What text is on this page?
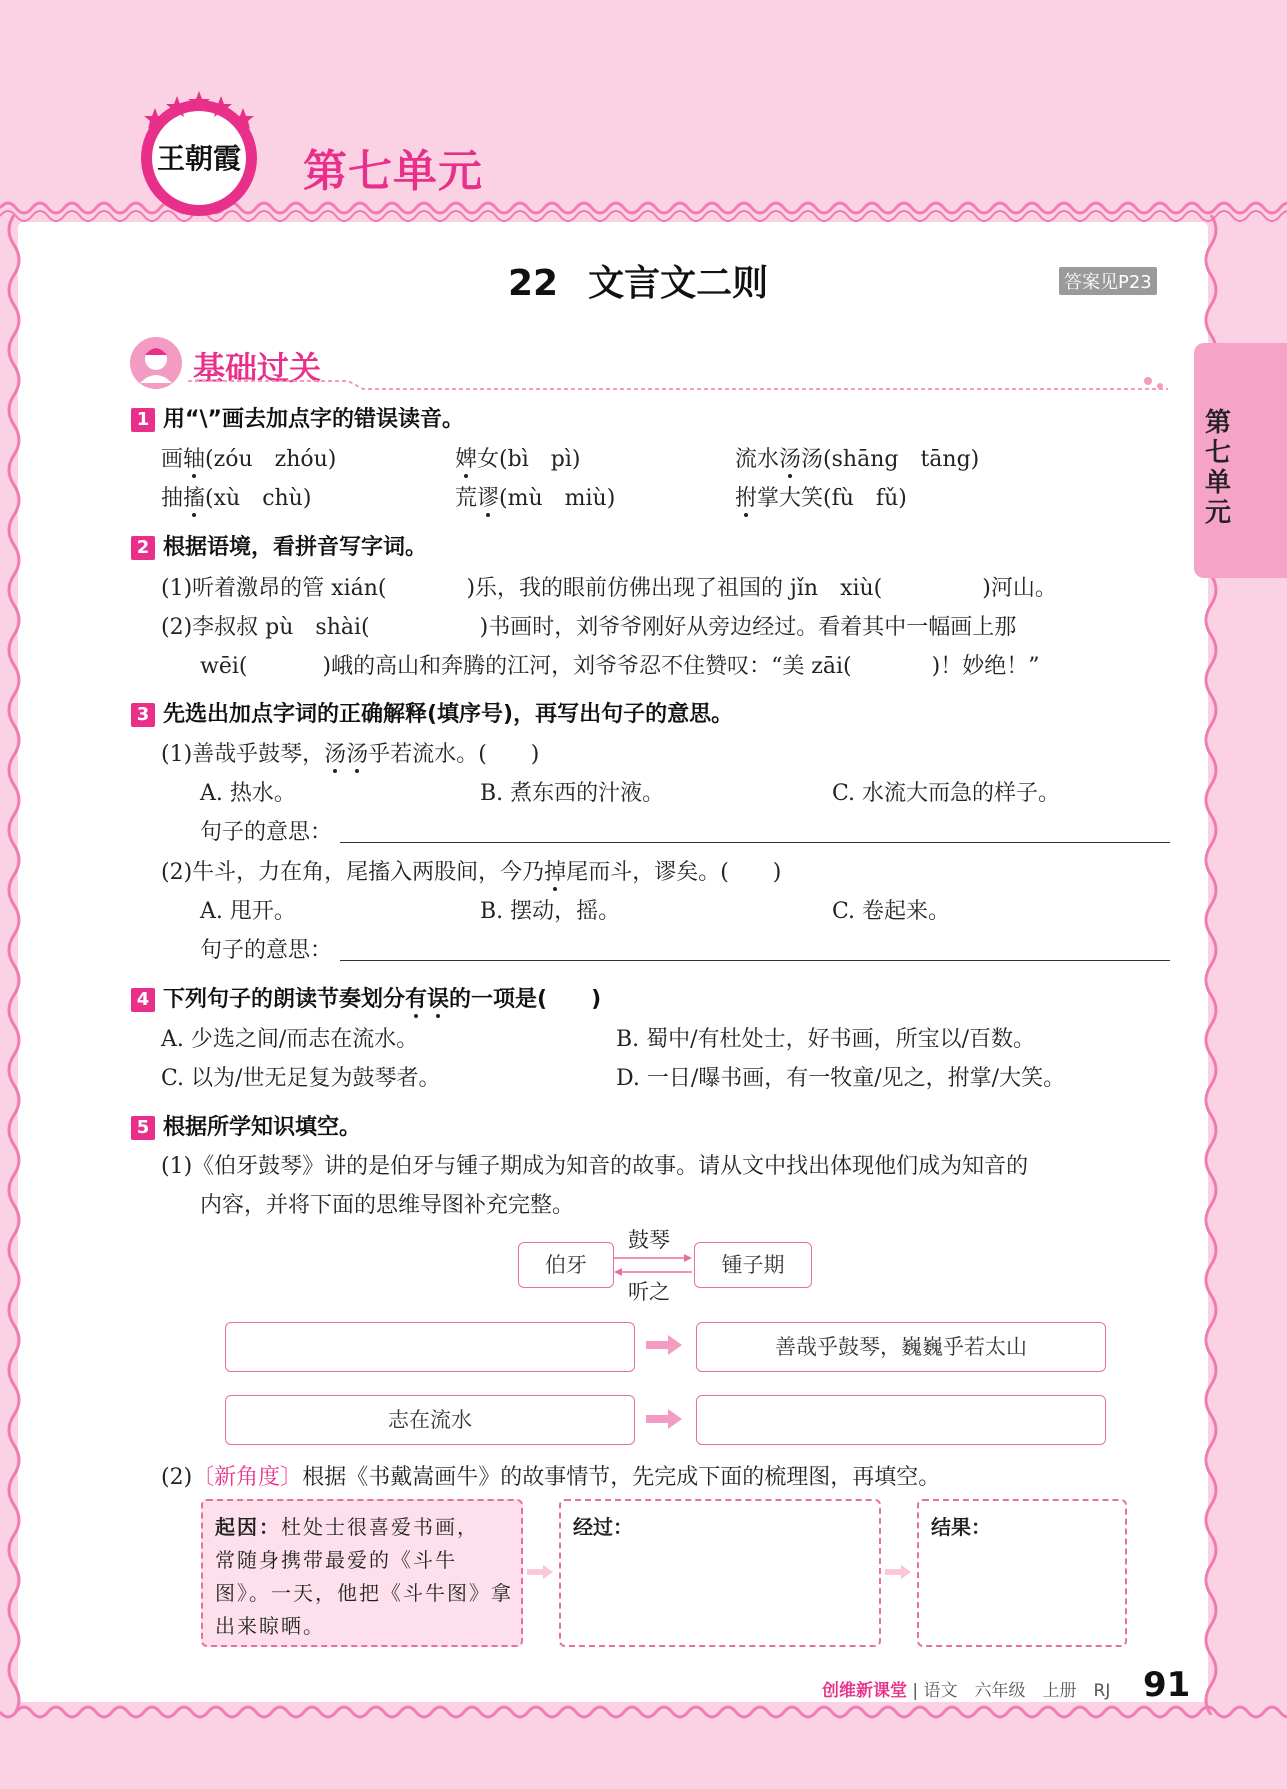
王朝霞 第七单元
22 文言文二则	答案见P23
第七单元
基础过关
1 用“\”画去加点字的错误读音。
画轴(zóu　zhóu)	婢女(bì　pì)	流水汤汤(shāng　tāng)
抽搐(xù　chù)	荒谬(mù　miù)	拊掌大笑(fù　fǔ)
2 根据语境，看拼音写字词。
(1)听着激昂的管 xián(	)乐，我的眼前仿佛出现了祖国的 jǐn　xiù(	)河山。
(2)李叔叔 pù　shài(	)书画时，刘爷爷刚好从旁边经过。看着其中一幅画上那
wēi(	)峨的高山和奔腾的江河，刘爷爷忍不住赞叹：“美 zāi(	)！妙绝！”
3 先选出加点字词的正确解释(填序号)，再写出句子的意思。
(1)善哉乎鼓琴，汤汤乎若流水。(　　)
A. 热水。	B. 煮东西的汁液。	C. 水流大而急的样子。
句子的意思：
(2)牛斗，力在角，尾搐入两股间，今乃掉尾而斗，谬矣。(　　)
A. 甩开。	B. 摆动，摇。	C. 卷起来。
句子的意思：
4 下列句子的朗读节奏划分有误的一项是(　　)
A. 少选之间/而志在流水。	B. 蜀中/有杜处士，好书画，所宝以/百数。
C. 以为/世无足复为鼓琴者。	D. 一日/曝书画，有一牧童/见之，拊掌/大笑。
5 根据所学知识填空。
(1)《伯牙鼓琴》讲的是伯牙与锺子期成为知音的故事。请从文中找出体现他们成为知音的
内容，并将下面的思维导图补充完整。
伯牙	锺子期
鼓琴
听之
善哉乎鼓琴，巍巍乎若太山
志在流水
(2)〔新角度〕根据《书戴嵩画牛》的故事情节，先完成下面的梳理图，再填空。
起因：杜处士很喜爱书画，
常随身携带最爱的《斗牛
图》。一天，他把《斗牛图》拿
出来晾晒。
经过：	结果：
创维新课堂 | 语文　六年级　上册　RJ 91
